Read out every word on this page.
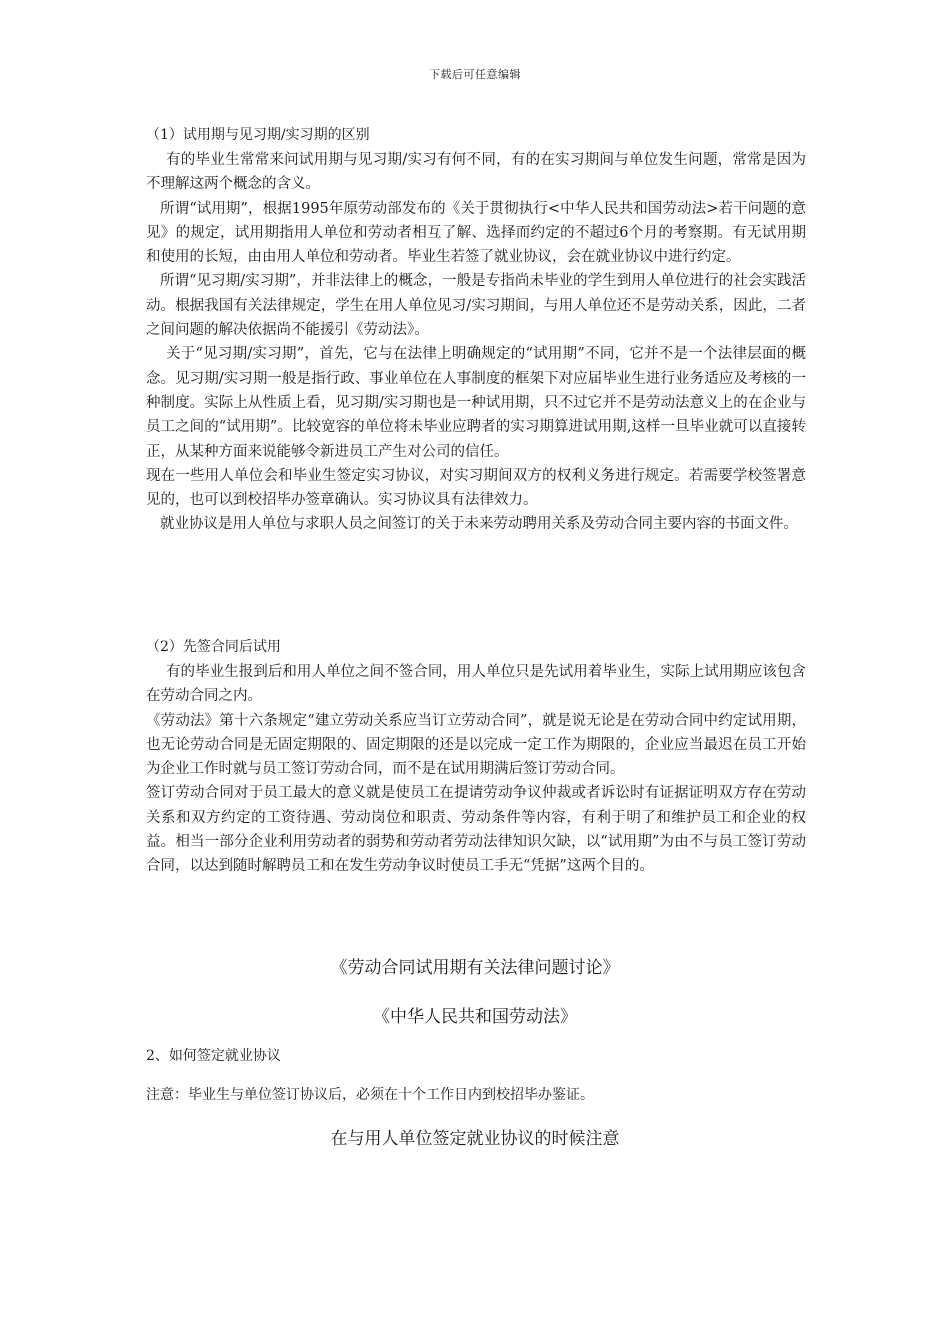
下载后可任意编辑

（1）试用期与见习期/实习期的区别

有的毕业生常常来问试用期与见习期/实习有何不同，有的在实习期间与单位发生问题，常常是因为不理解这两个概念的含义。

所谓“试用期”，根据1995年原劳动部发布的《关于贯彻执行<中华人民共和国劳动法>若干问题的意见》的规定，试用期指用人单位和劳动者相互了解、选择而约定的不超过6个月的考察期。有无试用期和使用的长短，由由用人单位和劳动者。毕业生若签了就业协议，会在就业协议中进行约定。

所谓“见习期/实习期”，并非法律上的概念，一般是专指尚未毕业的学生到用人单位进行的社会实践活动。根据我国有关法律规定，学生在用人单位见习/实习期间，与用人单位还不是劳动关系，因此，二者之间问题的解决依据尚不能援引《劳动法》。

关于“见习期/实习期”，首先，它与在法律上明确规定的“试用期”不同，它并不是一个法律层面的概念。见习期/实习期一般是指行政、事业单位在人事制度的框架下对应届毕业生进行业务适应及考核的一种制度。实际上从性质上看，见习期/实习期也是一种试用期，只不过它并不是劳动法意义上的在企业与员工之间的“试用期”。比较宽容的单位将未毕业应聘者的实习期算进试用期,这样一旦毕业就可以直接转正，从某种方面来说能够令新进员工产生对公司的信任。

现在一些用人单位会和毕业生签定实习协议，对实习期间双方的权利义务进行规定。若需要学校签署意见的，也可以到校招毕办签章确认。实习协议具有法律效力。

就业协议是用人单位与求职人员之间签订的关于未来劳动聘用关系及劳动合同主要内容的书面文件。

（2）先签合同后试用

有的毕业生报到后和用人单位之间不签合同，用人单位只是先试用着毕业生，实际上试用期应该包含在劳动合同之内。

《劳动法》第十六条规定“建立劳动关系应当订立劳动合同”，就是说无论是在劳动合同中约定试用期，也无论劳动合同是无固定期限的、固定期限的还是以完成一定工作为期限的，企业应当最迟在员工开始为企业工作时就与员工签订劳动合同，而不是在试用期满后签订劳动合同。

签订劳动合同对于员工最大的意义就是使员工在提请劳动争议仲裁或者诉讼时有证据证明双方存在劳动关系和双方约定的工资待遇、劳动岗位和职责、劳动条件等内容，有利于明了和维护员工和企业的权益。相当一部分企业利用劳动者的弱势和劳动者劳动法律知识欠缺，以“试用期”为由不与员工签订劳动合同，以达到随时解聘员工和在发生劳动争议时使员工手无“凭据”这两个目的。

《劳动合同试用期有关法律问题讨论》
《中华人民共和国劳动法》
2、如何签定就业协议
注意：毕业生与单位签订协议后，必须在十个工作日内到校招毕办鉴证。
在与用人单位签定就业协议的时候注意
